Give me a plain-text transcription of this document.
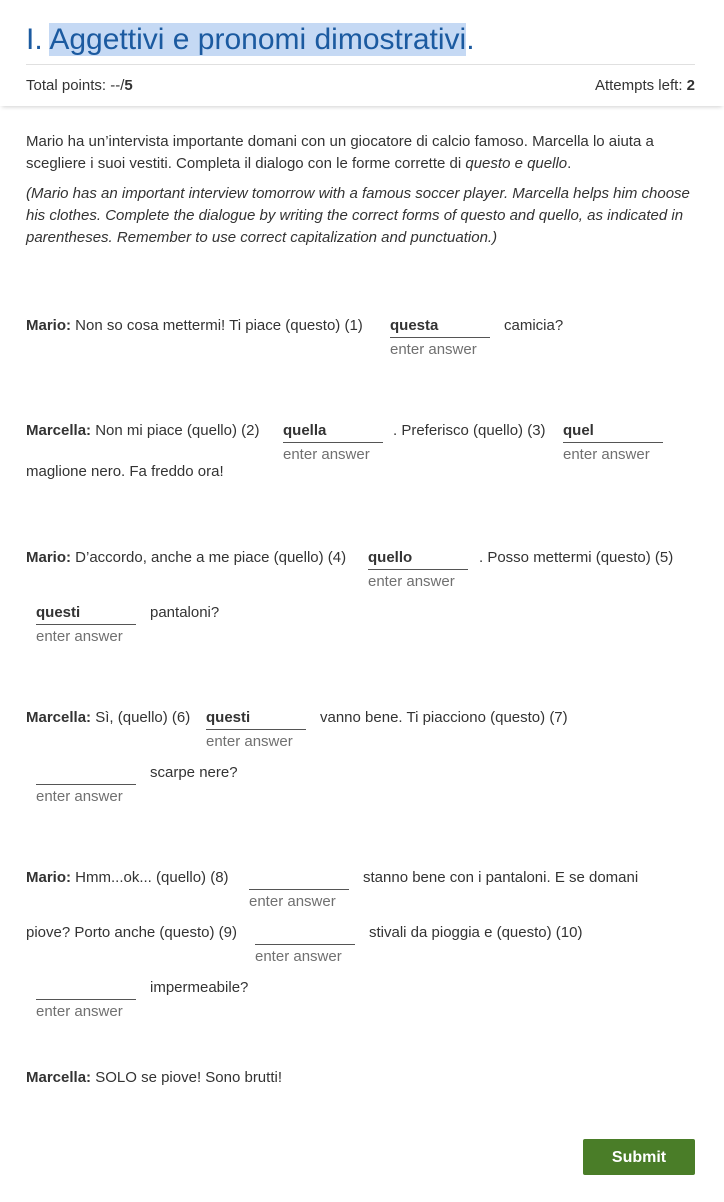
I. Aggettivi e pronomi dimostrativi.
Total points: --/5	Attempts left: 2

Mario ha un’intervista importante domani con un giocatore di calcio famoso. Marcella lo aiuta a scegliere i suoi vestiti. Completa il dialogo con le forme corrette di questo e quello.

(Mario has an important interview tomorrow with a famous soccer player. Marcella helps him choose his clothes. Complete the dialogue by writing the correct forms of questo and quello, as indicated in parentheses. Remember to use correct capitalization and punctuation.)

Mario: Non so cosa mettermi! Ti piace (questo) (1) questa
enter answer
camicia?
Marcella: Non mi piace (quello) (2) quella
enter answer
. Preferisco (quello) (3) quel
enter answer
maglione nero. Fa freddo ora!
Mario: D’accordo, anche a me piace (quello) (4) quello
enter answer
. Posso mettermi (questo) (5)
questi
enter answer
pantaloni?
Marcella: Sì, (quello) (6) questi
enter answer
vanno bene. Ti piacciono (questo) (7)
enter answer
scarpe nere?
Mario: Hmm...ok... (quello) (8)
enter answer
stanno bene con i pantaloni. E se domani
piove? Porto anche (questo) (9)
enter answer
stivali da pioggia e (questo) (10)
enter answer
impermeabile?
Marcella: SOLO se piove! Sono brutti!
Submit
